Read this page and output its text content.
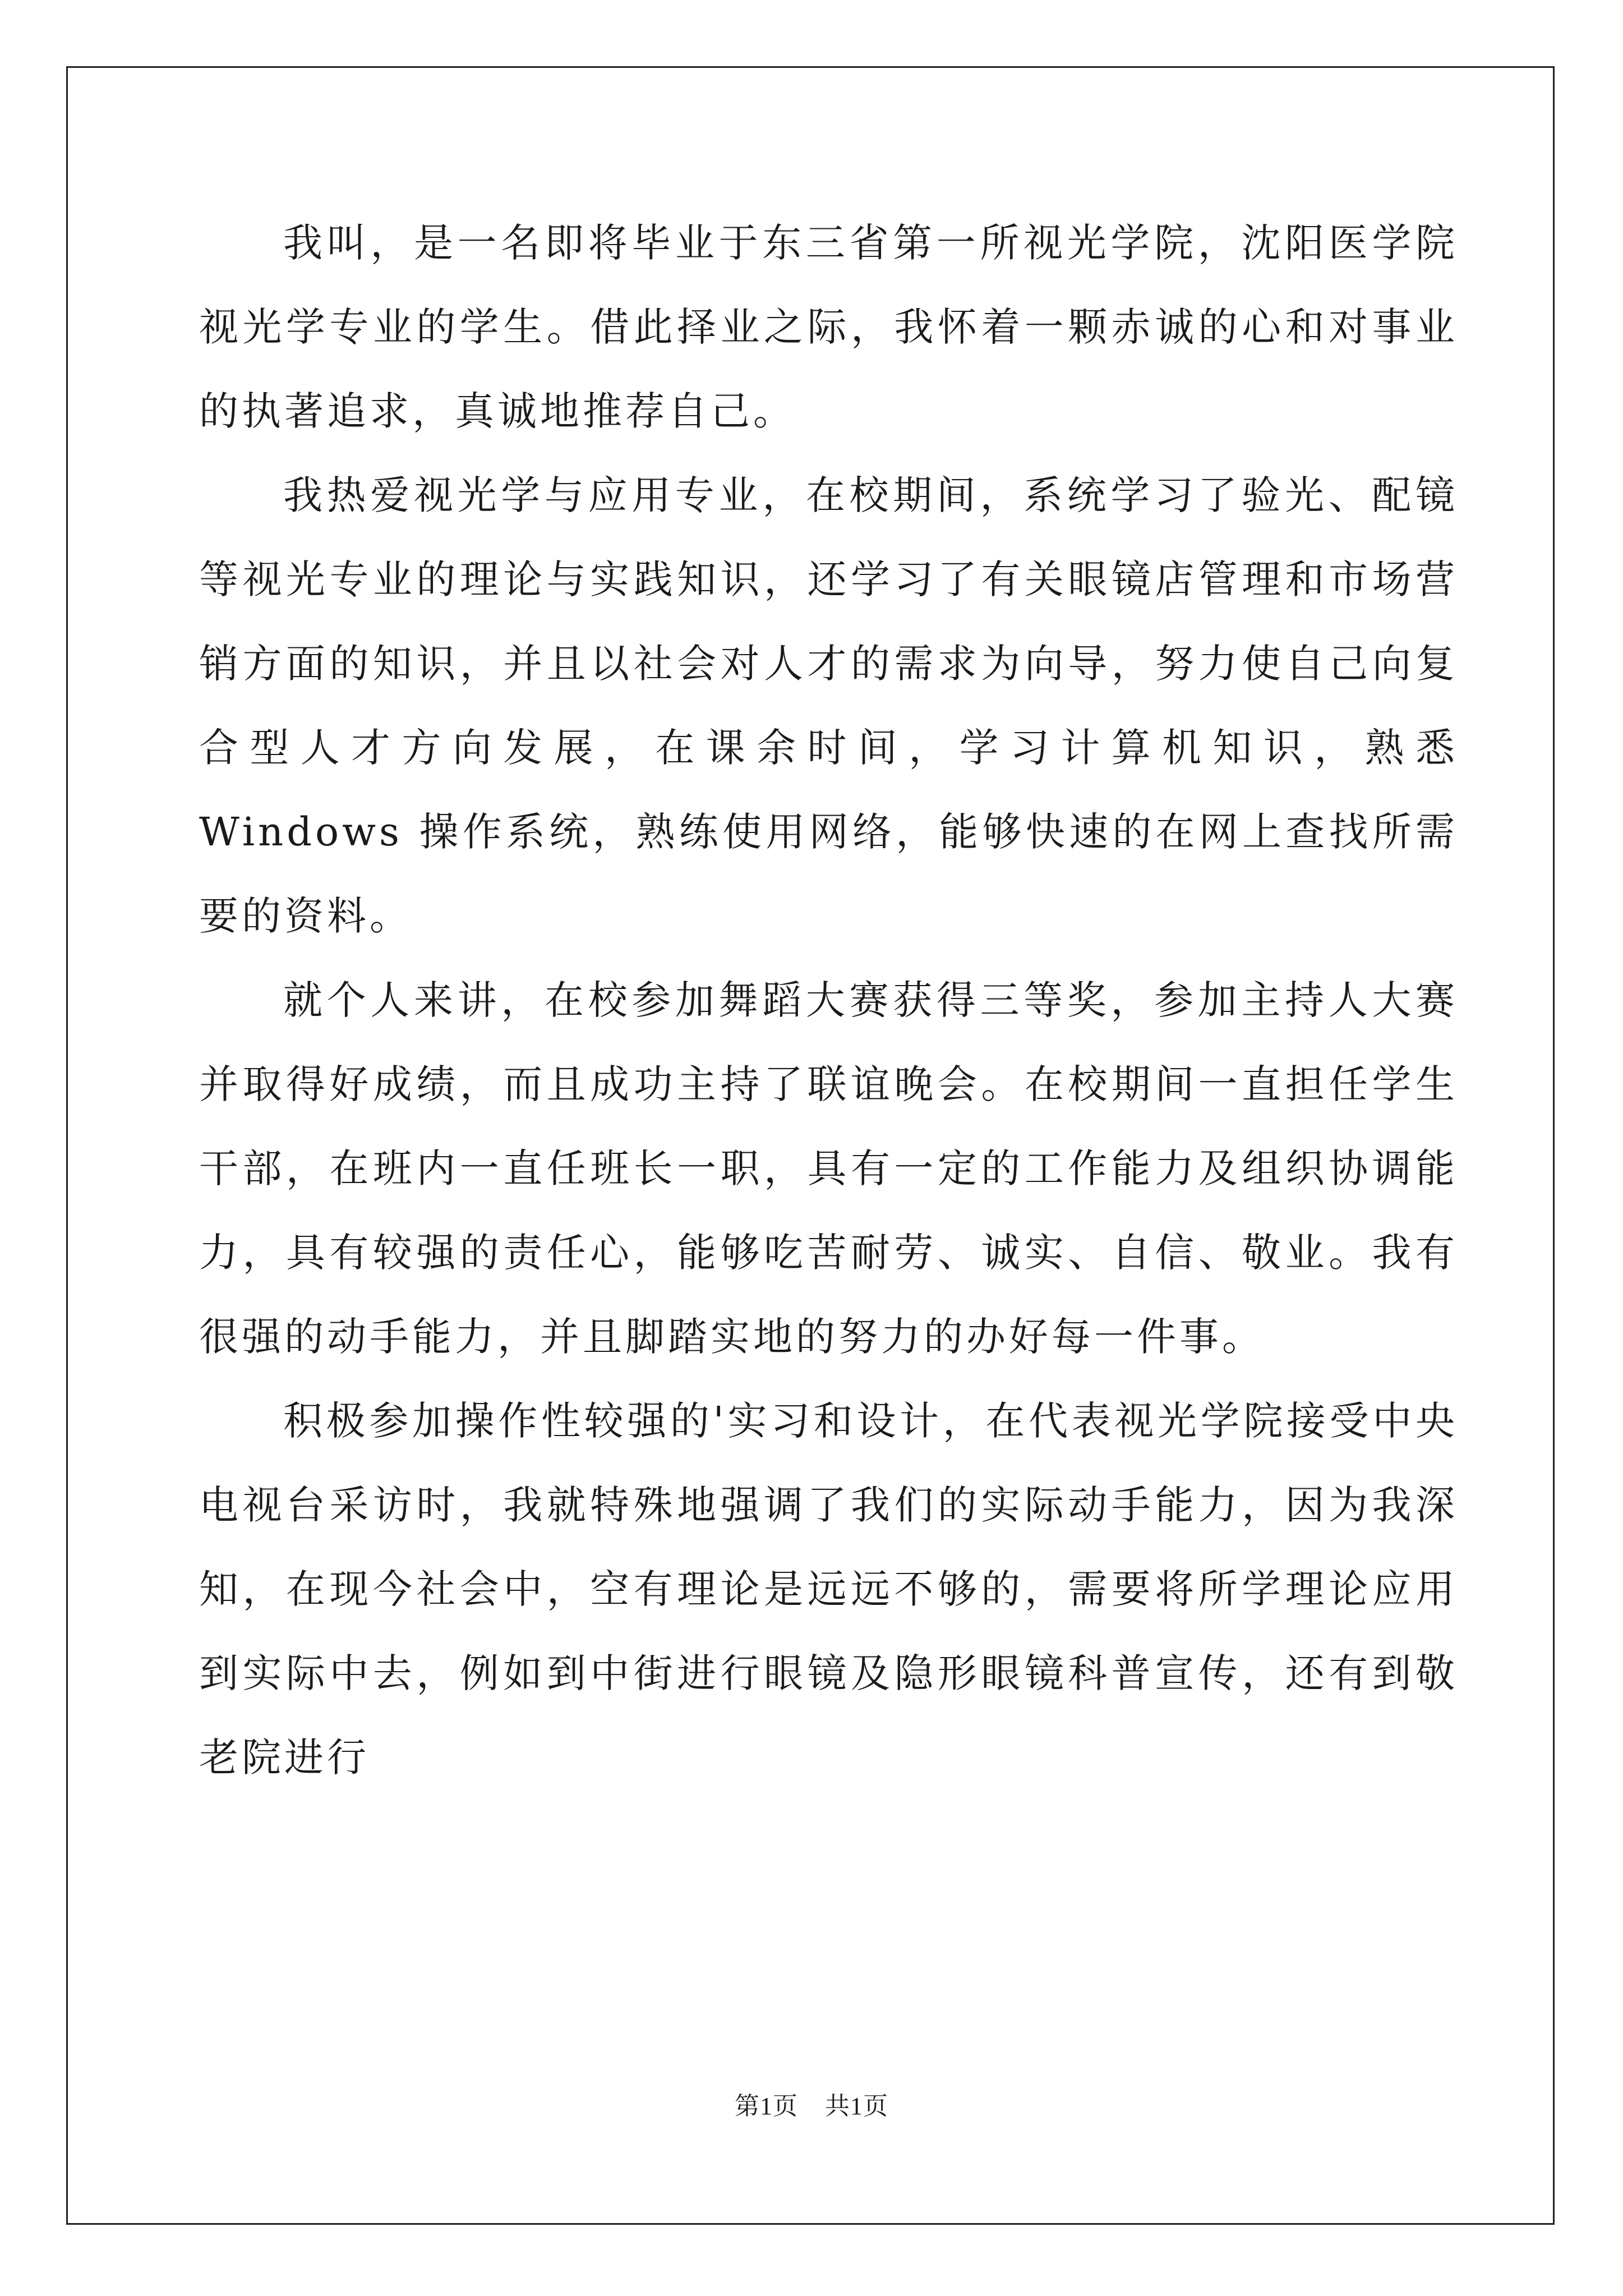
我叫，是一名即将毕业于东三省第一所视光学院，沈阳医学院视光学专业的学生。借此择业之际，我怀着一颗赤诚的心和对事业的执著追求，真诚地推荐自己。

我热爱视光学与应用专业，在校期间，系统学习了验光、配镜等视光专业的理论与实践知识，还学习了有关眼镜店管理和市场营销方面的知识，并且以社会对人才的需求为向导，努力使自己向复合型人才方向发展，在课余时间，学习计算机知识，熟悉 Windows 操作系统，熟练使用网络，能够快速的在网上查找所需要的资料。

就个人来讲，在校参加舞蹈大赛获得三等奖，参加主持人大赛并取得好成绩，而且成功主持了联谊晚会。在校期间一直担任学生干部，在班内一直任班长一职，具有一定的工作能力及组织协调能力，具有较强的责任心，能够吃苦耐劳、诚实、自信、敬业。我有很强的动手能力，并且脚踏实地的努力的办好每一件事。

积极参加操作性较强的'实习和设计，在代表视光学院接受中央电视台采访时，我就特殊地强调了我们的实际动手能力，因为我深知，在现今社会中，空有理论是远远不够的，需要将所学理论应用到实际中去，例如到中街进行眼镜及隐形眼镜科普宣传，还有到敬老院进行

第1页 共1页
